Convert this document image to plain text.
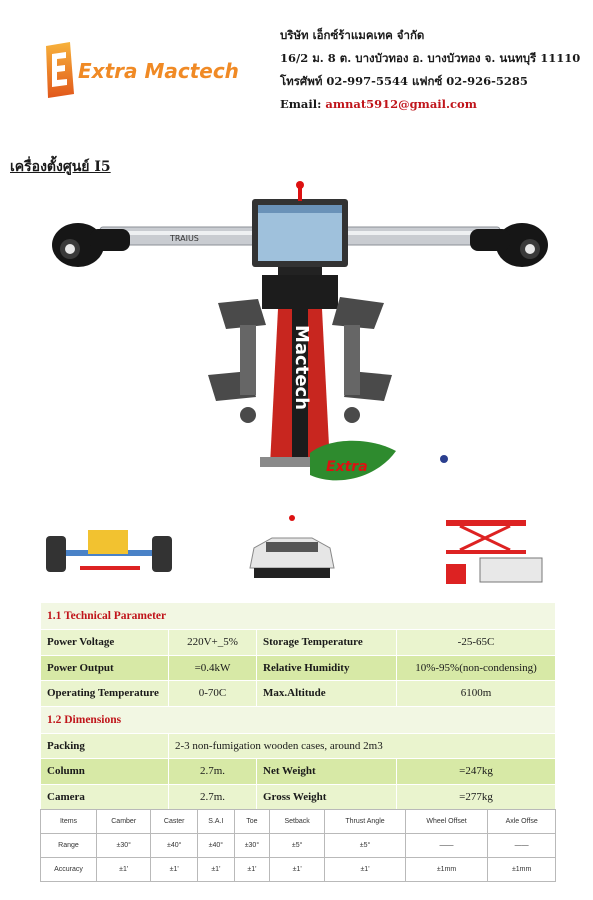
Extra Mactech
บริษัท เอ็กซ์ร้าแมคเทค จำกัด
16/2 ม. 8 ต. บางบัวทอง อ. บางบัวทอง จ. นนทบุรี 11110
โทรศัพท์ 02-997-5544 แฟกซ์ 02-926-5285
Email: amnat5912@gmail.com
เครื่องตั้งศูนย์ I5
TRAIUS
Mactech
Extra
1.1 Technical Parameter			
Power Voltage	220V+_5%	Storage Temperature	-25-65C
Power Output	=0.4kW	Relative Humidity	10%-95%(non-condensing)
Operating Temperature	0-70C	Max.Altitude	6100m
1.2 Dimensions			
Packing	2-3 non-fumigation wooden cases, around 2m3		
Column	2.7m.	Net Weight	=247kg
Camera	2.7m.	Gross Weight	=277kg
Items	Camber	Caster	S.A.I	Toe	Setback	Thrust Angle	Wheel Offset	Axle Offse
Range	±30°	±40°	±40°	±30°	±5°	±5°	——	——
Accuracy	±1'	±1'	±1'	±1'	±1'	±1'	±1mm	±1mm
